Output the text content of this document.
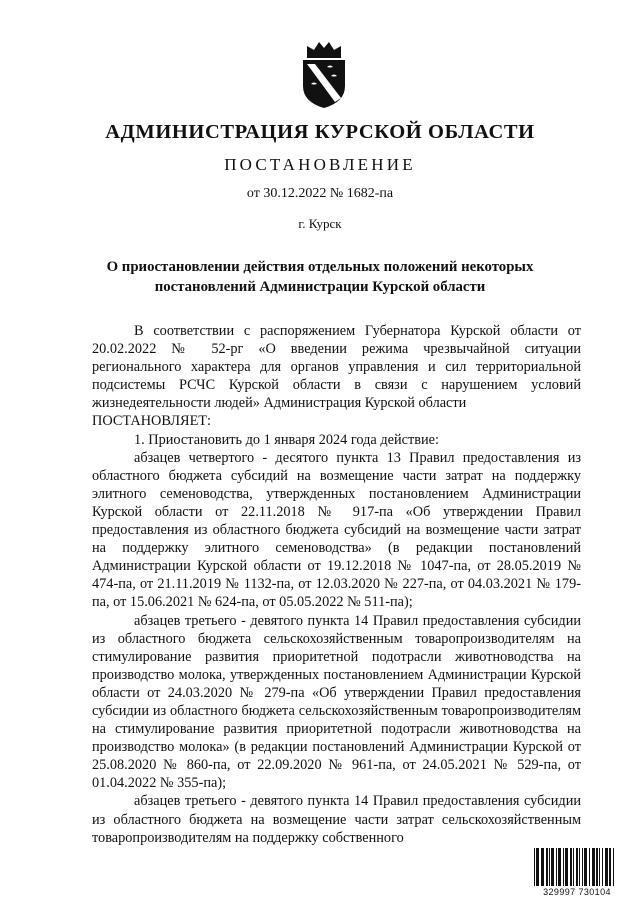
АДМИНИСТРАЦИЯ КУРСКОЙ ОБЛАСТИ
ПОСТАНОВЛЕНИЕ
от 30.12.2022 № 1682-па
г. Курск
О приостановлении действия отдельных положений некоторых
постановлений Администрации Курской области

В соответствии с распоряжением Губернатора Курской области от 20.02.2022 № 52-рг «О введении режима чрезвычайной ситуации регионального характера для органов управления и сил территориальной подсистемы РСЧС Курской области в связи с нарушением условий жизнедеятельности людей» Администрация Курской области

ПОСТАНОВЛЯЕТ:

1. Приостановить до 1 января 2024 года действие:

абзацев четвертого - десятого пункта 13 Правил предоставления из областного бюджета субсидий на возмещение части затрат на поддержку элитного семеноводства, утвержденных постановлением Администрации Курской области от 22.11.2018 № 917-па «Об утверждении Правил предоставления из областного бюджета субсидий на возмещение части затрат на поддержку элитного семеноводства» (в редакции постановлений Администрации Курской области от 19.12.2018 № 1047-па, от 28.05.2019 № 474-па, от 21.11.2019 № 1132-па, от 12.03.2020 № 227-па, от 04.03.2021 № 179-па, от 15.06.2021 № 624-па, от 05.05.2022 № 511-па);

абзацев третьего - девятого пункта 14 Правил предоставления субсидии из областного бюджета сельскохозяйственным товаропроизводителям на стимулирование развития приоритетной подотрасли животноводства на производство молока, утвержденных постановлением Администрации Курской области от 24.03.2020 № 279-па «Об утверждении Правил предоставления субсидии из областного бюджета сельскохозяйственным товаропроизводителям на стимулирование развития приоритетной подотрасли животноводства на производство молока» (в редакции постановлений Администрации Курской от 25.08.2020 № 860-па, от 22.09.2020 № 961-па, от 24.05.2021 № 529-па, от 01.04.2022 № 355-па);

абзацев третьего - девятого пункта 14 Правил предоставления субсидии из областного бюджета на возмещение части затрат сельскохозяйственным товаропроизводителям на поддержку собственного

329997 730104
